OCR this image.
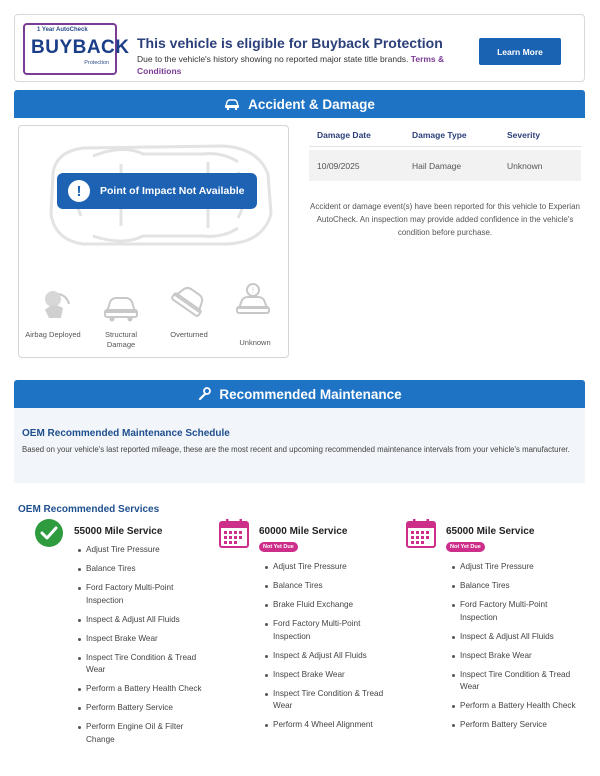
1 Year AutoCheck
BUYBACK
Protection
This vehicle is eligible for Buyback Protection
Due to the vehicle's history showing no reported major state title brands. Terms & Conditions
Learn More
Accident & Damage
!	Point of Impact Not Available
Airbag Deployed	Structural Damage
Overturned
!
Unknown
Damage Date	Damage Type	Severity
10/09/2025	Hail Damage	Unknown
Accident or damage event(s) have been reported for this vehicle to Experian AutoCheck. An inspection may provide added confidence in the vehicle's condition before purchase.
Recommended Maintenance
OEM Recommended Maintenance Schedule
Based on your vehicle's last reported mileage, these are the most recent and upcoming recommended maintenance intervals from your vehicle's manufacturer.
OEM Recommended Services
55000 Mile Service
Adjust Tire Pressure
Balance Tires
Ford Factory Multi-Point Inspection
Inspect & Adjust All Fluids
Inspect Brake Wear
Inspect Tire Condition & Tread Wear
Perform a Battery Health Check
Perform Battery Service
Perform Engine Oil & Filter Change
60000 Mile Service
Not Yet Due
Adjust Tire Pressure
Balance Tires
Brake Fluid Exchange
Ford Factory Multi-Point Inspection
Inspect & Adjust All Fluids
Inspect Brake Wear
Inspect Tire Condition & Tread Wear
Perform 4 Wheel Alignment
65000 Mile Service
Not Yet Due
Adjust Tire Pressure
Balance Tires
Ford Factory Multi-Point Inspection
Inspect & Adjust All Fluids
Inspect Brake Wear
Inspect Tire Condition & Tread Wear
Perform a Battery Health Check
Perform Battery Service
